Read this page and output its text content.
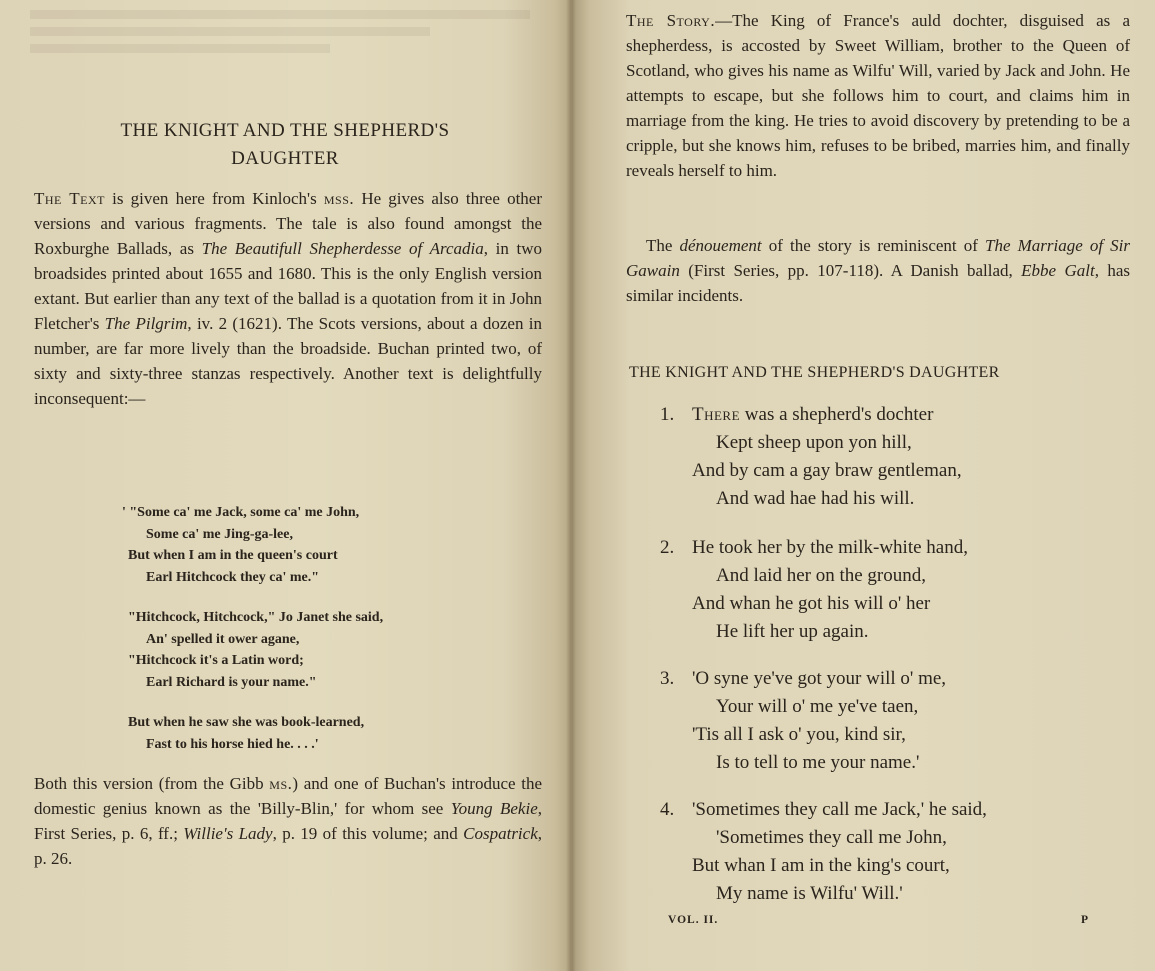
THE KNIGHT AND THE SHEPHERD'S
DAUGHTER
The Text is given here from Kinloch's mss. He gives also three other versions and various fragments. The tale is also found amongst the Roxburghe Ballads, as The Beautifull Shepherdesse of Arcadia, in two broadsides printed about 1655 and 1680. This is the only English version extant. But earlier than any text of the ballad is a quotation from it in John Fletcher's The Pilgrim, iv. 2 (1621). The Scots versions, about a dozen in number, are far more lively than the broadside. Buchan printed two, of sixty and sixty-three stanzas respectively. Another text is delightfully inconsequent:—
' "Some ca' me Jack, some ca' me John,
Some ca' me Jing-ga-lee,
But when I am in the queen's court
Earl Hitchcock they ca' me."
"Hitchcock, Hitchcock," Jo Janet she said,
An' spelled it ower agane,
"Hitchcock it's a Latin word;
Earl Richard is your name."
But when he saw she was book-learned,
Fast to his horse hied he. . . .'
Both this version (from the Gibb ms.) and one of Buchan's introduce the domestic genius known as the 'Billy-Blin,' for whom see Young Bekie, First Series, p. 6, ff.; Willie's Lady, p. 19 of this volume; and Cospatrick, p. 26.
The Story.—The King of France's auld dochter, disguised as a shepherdess, is accosted by Sweet William, brother to the Queen of Scotland, who gives his name as Wilfu' Will, varied by Jack and John. He attempts to escape, but she follows him to court, and claims him in marriage from the king. He tries to avoid discovery by pretending to be a cripple, but she knows him, refuses to be bribed, marries him, and finally reveals herself to him.
The dénouement of the story is reminiscent of The Marriage of Sir Gawain (First Series, pp. 107-118). A Danish ballad, Ebbe Galt, has similar incidents.
THE KNIGHT AND THE SHEPHERD'S DAUGHTER
1. There was a shepherd's dochter
Kept sheep upon yon hill,
And by cam a gay braw gentleman,
And wad hae had his will.
2. He took her by the milk-white hand,
And laid her on the ground,
And whan he got his will o' her
He lift her up again.
3. 'O syne ye've got your will o' me,
Your will o' me ye've taen,
'Tis all I ask o' you, kind sir,
Is to tell to me your name.'
4. 'Sometimes they call me Jack,' he said,
'Sometimes they call me John,
But whan I am in the king's court,
My name is Wilfu' Will.'
VOL. II.	P
